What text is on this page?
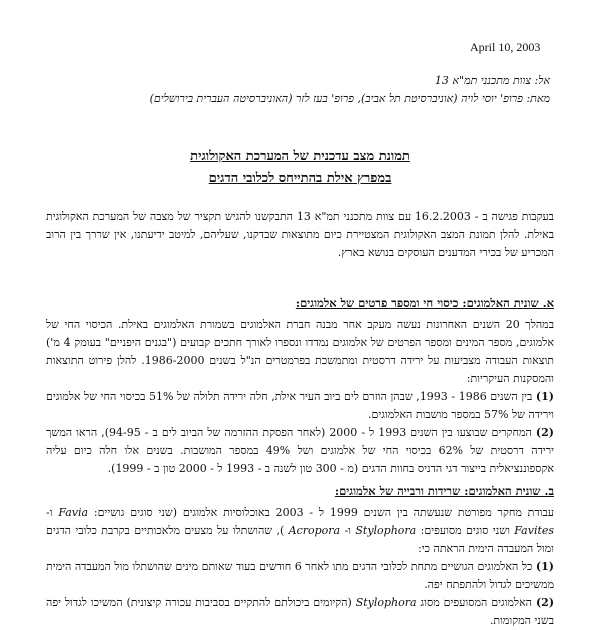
April 10, 2003
אל: צוות מתכנני תמ"א 13
מאת: פרופ' יוסי לויה (אוניברסיטת תל אביב), פרופ' בעז לזר (האוניברסיטה העברית בירושלים)
תמונת מצב עדכנית של המערכת האקולוגית
במפרץ אילת בהתייחס לכלובי הדגים
בעקבות פגישה ב - 16.2.2003 עם צוות מתכנני תמ"א 13 התבקשנו להגיש תקציר של מצבה של המערכת האקולוגית באילת. להלן תמונת המצב האקולוגית המצטיירת כיום מתוצאות שבדקנו, שעליהם, למיטב ידיעתנו, אין שררך בין הרוב המכריע של בכירי המדענים העוסקים בנושא בארץ.
א. שונית האלמוגים: כיסוי חי ומספר פרטים של אלמוגים:
במהלך 20 השנים האחרונות נעשה מעקב אחר מבנה חברת האלמוגים בשמורת האלמוגים באילת. הכיסוי החי של אלמוגים, מספר המינים ומספר הפרטים של אלמוגים נמדדו ונספרו לאורך חתכים קבועים ("בגנים היפניים" בעומק 4 מ') תוצאות העבודה מצביעות על ירידה דרסטית ומתמשכת בפרמטרים הנ"ל בשנים 1986-2000. להלן פירוט התוצאות והמסקנות העיקריות:
(1) בין השנים 1986 - 1993, שבהן הוזרם לים ביוב העיר אילת, חלה ירידה תלולה של 51% בכיסוי החי של אלמוגים וירידה של 57% במספר מושבות האלמוגים.
(2) המחקרים שבוצעו בין השנים 1993 ל - 2000 (לאחר הפסקת ההזרמה של הביוב לים ב - 94-95), הראו המשך ירידה דרסטית של 62% בכיסוי החי של אלמוגים ושל 49% במספר המושבות. בשנים אלו חלה כיום עליה אקספוננציאלית בייצור דגי הדניס בחוות הדגים (מ - 300 טון לשנה ב - 1993 ל - 2000 טון ב - 1999).
ב. שונית האלמוגים: שרידות ורבייה של אלמוגים:
עבודת מחקר מפורטת שנעשתה בין השנים 1999 ל - 2003 באוכלוסיות אלמוגים (שני סוגים גושיים: Favia ו- Favites ושני סוגים מסועפים: Stylophora ו- Acropora ), שהושתלו על מצעים מלאכותיים בקרבת כלובי הדגים ומול המעבדה הימית הראתה כי:
(1) כל האלמוגים הגושיים מתחת לכלובי הדגים מתו לאחר 6 חודשים בעוד שאותם מינים שהושתלו מול המעבדה הימית ממשיכים לגדול ולהתפתח יפה.
(2) האלמוגים המסועפים מסוג Stylophora (הקיומים ביכולתם להתקיים בסביבות עכורה קיצונית) המשיכו לגדול יפה בשני המקומות.
